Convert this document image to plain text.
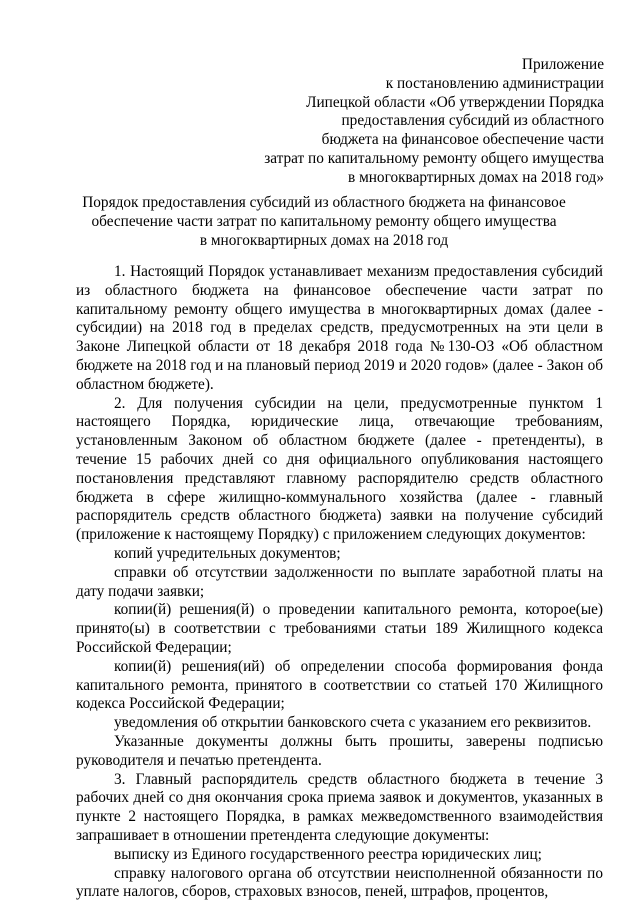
Приложение
к постановлению администрации
Липецкой области «Об утверждении Порядка
предоставления субсидий из областного
бюджета на финансовое обеспечение части
затрат по капитальному ремонту общего имущества
в многоквартирных домах на 2018 год»
Порядок предоставления субсидий из областного бюджета на финансовое
обеспечение части затрат по капитальному ремонту общего имущества
в многоквартирных домах на 2018 год

1. Настоящий Порядок устанавливает механизм предоставления субсидий из областного бюджета на финансовое обеспечение части затрат по капитальному ремонту общего имущества в многоквартирных домах (далее - субсидии) на 2018 год в пределах средств, предусмотренных на эти цели в Законе Липецкой области от 18 декабря 2018 года №130-ОЗ «Об областном бюджете на 2018 год и на плановый период 2019 и 2020 годов» (далее - Закон об областном бюджете).

2. Для получения субсидии на цели, предусмотренные пунктом 1 настоящего Порядка, юридические лица, отвечающие требованиям, установленным Законом об областном бюджете (далее - претенденты), в течение 15 рабочих дней со дня официального опубликования настоящего постановления представляют главному распорядителю средств областного бюджета в сфере жилищно-коммунального хозяйства (далее - главный распорядитель средств областного бюджета) заявки на получение субсидий (приложение к настоящему Порядку) с приложением следующих документов:

копий учредительных документов;

справки об отсутствии задолженности по выплате заработной платы на дату подачи заявки;

копии(й) решения(й) о проведении капитального ремонта, которое(ые) принято(ы) в соответствии с требованиями статьи 189 Жилищного кодекса Российской Федерации;

копии(й) решения(ий) об определении способа формирования фонда капитального ремонта, принятого в соответствии со статьей 170 Жилищного кодекса Российской Федерации;

уведомления об открытии банковского счета с указанием его реквизитов.

Указанные документы должны быть прошиты, заверены подписью руководителя и печатью претендента.

3. Главный распорядитель средств областного бюджета в течение 3 рабочих дней со дня окончания срока приема заявок и документов, указанных в пункте 2 настоящего Порядка, в рамках межведомственного взаимодействия запрашивает в отношении претендента следующие документы:

выписку из Единого государственного реестра юридических лиц;

справку налогового органа об отсутствии неисполненной обязанности по уплате налогов, сборов, страховых взносов, пеней, штрафов, процентов,
